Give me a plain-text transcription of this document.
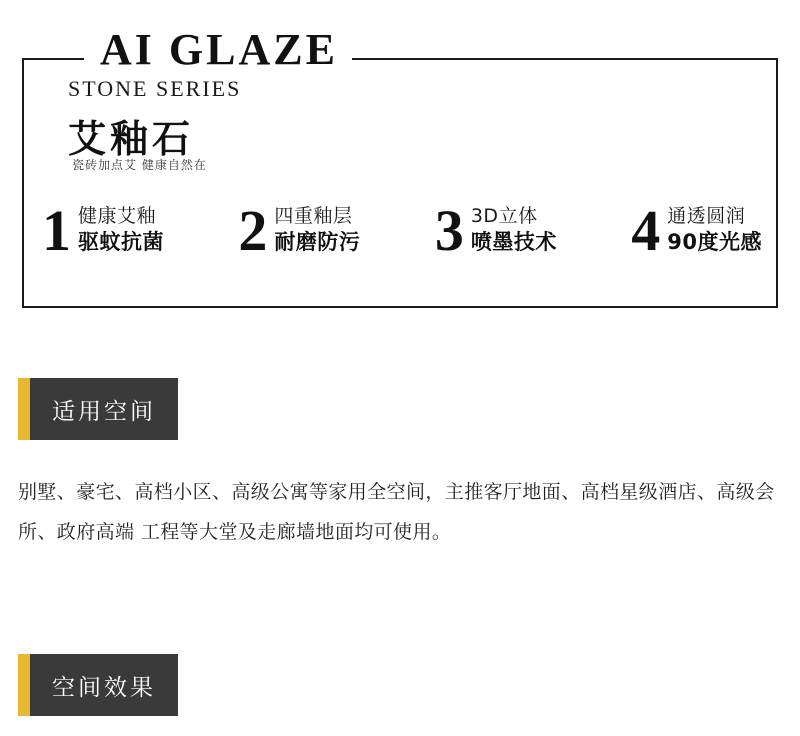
AI GLAZE
STONE SERIES
艾釉石
瓷砖加点艾 健康自然在
1 健康艾釉
驱蚊抗菌 2 四重釉层
耐磨防污 3 3D立体
喷墨技术 4 通透圆润
90度光感
适用空间
别墅、豪宅、高档小区、高级公寓等家用全空间，主推客厅地面、高档星级酒店、高级会所、政府高端 工程等大堂及走廊墙地面均可使用。
空间效果
